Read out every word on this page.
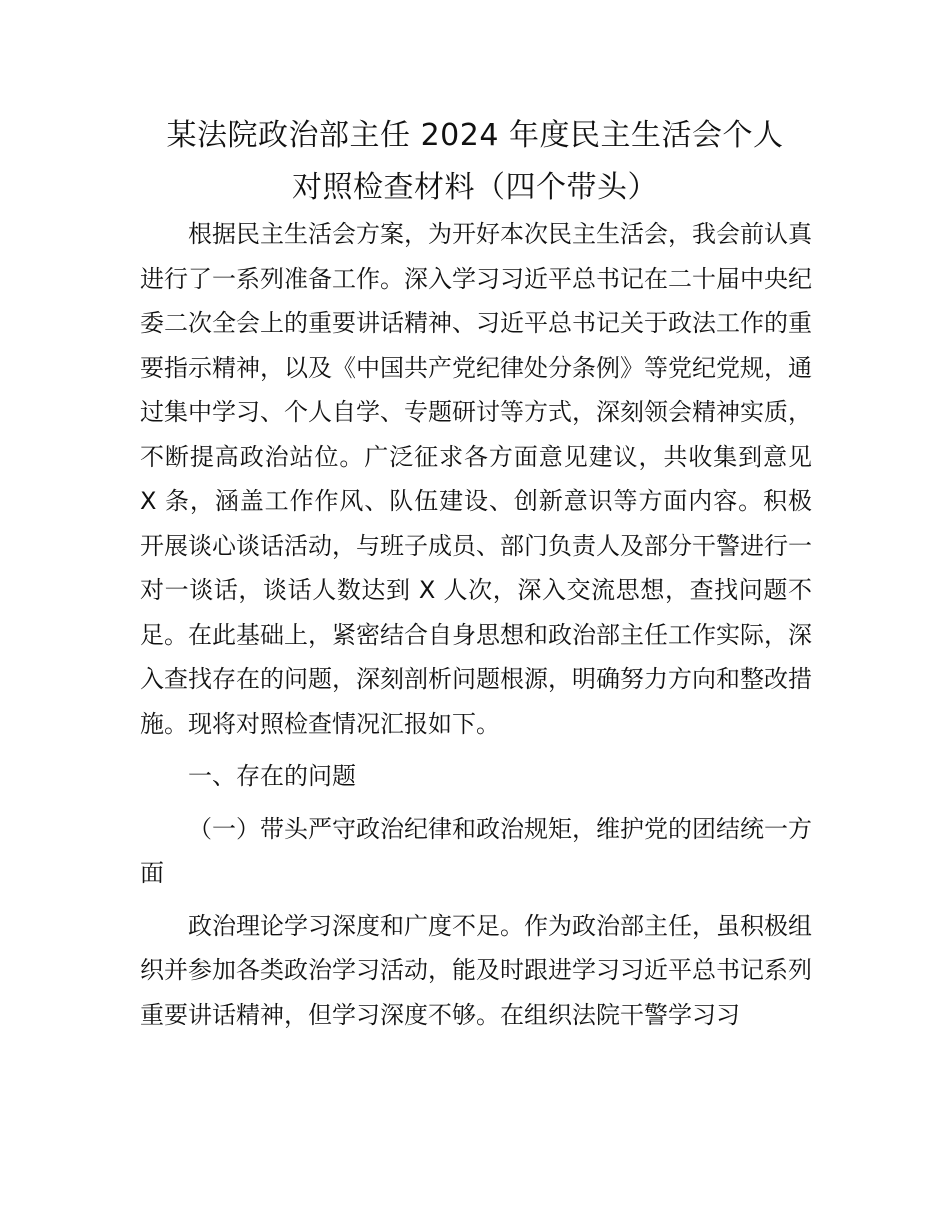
某法院政治部主任 2024 年度民主生活会个人
对照检查材料（四个带头）

根据民主生活会方案，为开好本次民主生活会，我会前认真进行了一系列准备工作。深入学习习近平总书记在二十届中央纪委二次全会上的重要讲话精神、习近平总书记关于政法工作的重要指示精神，以及《中国共产党纪律处分条例》等党纪党规，通过集中学习、个人自学、专题研讨等方式，深刻领会精神实质，不断提高政治站位。广泛征求各方面意见建议，共收集到意见 X 条，涵盖工作作风、队伍建设、创新意识等方面内容。积极开展谈心谈话活动，与班子成员、部门负责人及部分干警进行一对一谈话，谈话人数达到 X 人次，深入交流思想，查找问题不足。在此基础上，紧密结合自身思想和政治部主任工作实际，深入查找存在的问题，深刻剖析问题根源，明确努力方向和整改措施。现将对照检查情况汇报如下。

一、存在的问题

（一）带头严守政治纪律和政治规矩，维护党的团结统一方面

政治理论学习深度和广度不足。作为政治部主任，虽积极组织并参加各类政治学习活动，能及时跟进学习习近平总书记系列重要讲话精神，但学习深度不够。在组织法院干警学习习
